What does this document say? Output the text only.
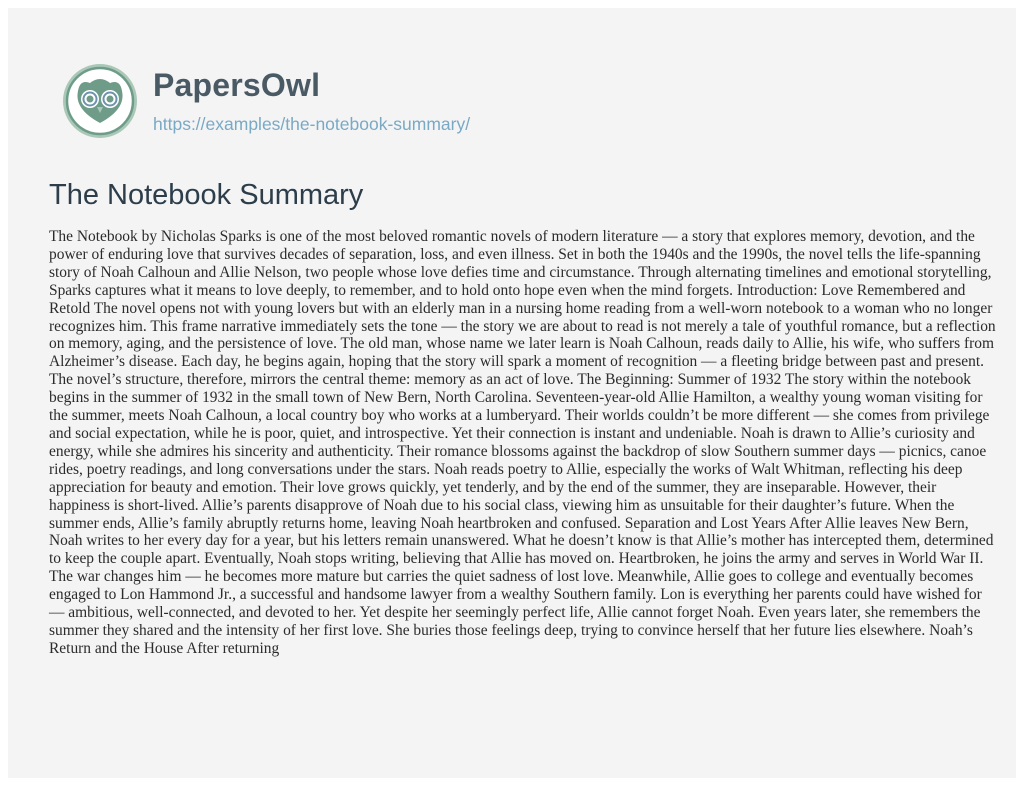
PapersOwl
https://examples/the-notebook-summary/
The Notebook Summary

The Notebook by Nicholas Sparks is one of the most beloved romantic novels of modern literature — a story that explores memory, devotion, and the power of enduring love that survives decades of separation, loss, and even illness. Set in both the 1940s and the 1990s, the novel tells the life-spanning story of Noah Calhoun and Allie Nelson, two people whose love defies time and circumstance. Through alternating timelines and emotional storytelling, Sparks captures what it means to love deeply, to remember, and to hold onto hope even when the mind forgets. Introduction: Love Remembered and Retold The novel opens not with young lovers but with an elderly man in a nursing home reading from a well-worn notebook to a woman who no longer recognizes him. This frame narrative immediately sets the tone — the story we are about to read is not merely a tale of youthful romance, but a reflection on memory, aging, and the persistence of love. The old man, whose name we later learn is Noah Calhoun, reads daily to Allie, his wife, who suffers from Alzheimer’s disease. Each day, he begins again, hoping that the story will spark a moment of recognition — a fleeting bridge between past and present. The novel’s structure, therefore, mirrors the central theme: memory as an act of love. The Beginning: Summer of 1932 The story within the notebook begins in the summer of 1932 in the small town of New Bern, North Carolina. Seventeen-year-old Allie Hamilton, a wealthy young woman visiting for the summer, meets Noah Calhoun, a local country boy who works at a lumberyard. Their worlds couldn’t be more different — she comes from privilege and social expectation, while he is poor, quiet, and introspective. Yet their connection is instant and undeniable. Noah is drawn to Allie’s curiosity and energy, while she admires his sincerity and authenticity. Their romance blossoms against the backdrop of slow Southern summer days — picnics, canoe rides, poetry readings, and long conversations under the stars. Noah reads poetry to Allie, especially the works of Walt Whitman, reflecting his deep appreciation for beauty and emotion. Their love grows quickly, yet tenderly, and by the end of the summer, they are inseparable. However, their happiness is short-lived. Allie’s parents disapprove of Noah due to his social class, viewing him as unsuitable for their daughter’s future. When the summer ends, Allie’s family abruptly returns home, leaving Noah heartbroken and confused. Separation and Lost Years After Allie leaves New Bern, Noah writes to her every day for a year, but his letters remain unanswered. What he doesn’t know is that Allie’s mother has intercepted them, determined to keep the couple apart. Eventually, Noah stops writing, believing that Allie has moved on. Heartbroken, he joins the army and serves in World War II. The war changes him — he becomes more mature but carries the quiet sadness of lost love. Meanwhile, Allie goes to college and eventually becomes engaged to Lon Hammond Jr., a successful and handsome lawyer from a wealthy Southern family. Lon is everything her parents could have wished for — ambitious, well-connected, and devoted to her. Yet despite her seemingly perfect life, Allie cannot forget Noah. Even years later, she remembers the summer they shared and the intensity of her first love. She buries those feelings deep, trying to convince herself that her future lies elsewhere. Noah’s Return and the House After returning
